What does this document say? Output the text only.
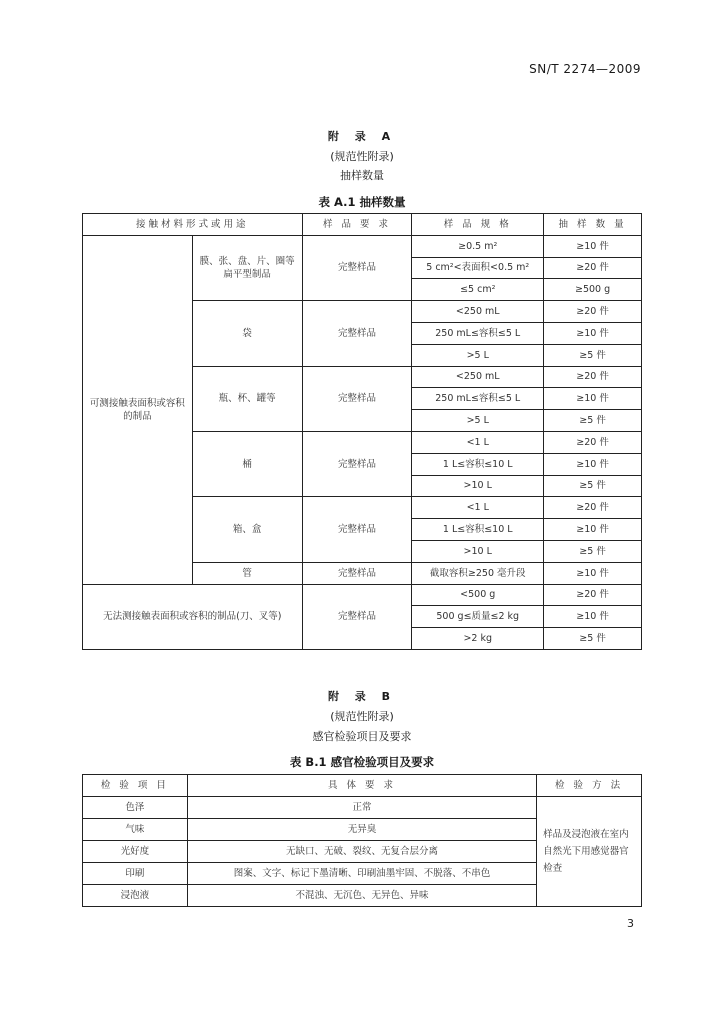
SN/T 2274—2009
附 录 A
(规范性附录)
抽样数量
表 A.1 抽样数量
接触材料形式或用途		样 品 要 求	样 品 规 格	抽 样 数 量
可测接触表面积或容积的制品	膜、张、盘、片、圈等扁平型制品	完整样品	≥0.5 m²	≥10 件
			5 cm²<表面积<0.5 m²	≥20 件
			≤5 cm²	≥500 g
	袋	完整样品	<250 mL	≥20 件
			250 mL≤容积≤5 L	≥10 件
			>5 L	≥5 件
	瓶、杯、罐等	完整样品	<250 mL	≥20 件
			250 mL≤容积≤5 L	≥10 件
			>5 L	≥5 件
	桶	完整样品	<1 L	≥20 件
			1 L≤容积≤10 L	≥10 件
			>10 L	≥5 件
	箱、盒	完整样品	<1 L	≥20 件
			1 L≤容积≤10 L	≥10 件
			>10 L	≥5 件
	管	完整样品	截取容积≥250 毫升段	≥10 件
无法测接触表面积或容积的制品(刀、叉等)		完整样品	<500 g	≥20 件
			500 g≤质量≤2 kg	≥10 件
			>2 kg	≥5 件
附 录 B
(规范性附录)
感官检验项目及要求
表 B.1 感官检验项目及要求
检 验 项 目	具 体 要 求	检 验 方 法
色泽	正常	样品及浸泡液在室内自然光下用感觉器官检查
气味	无异臭	
光好度	无缺口、无破、裂纹、无复合层分离	
印刷	图案、文字、标记下墨清晰、印刷油墨牢固、不脱落、不串色	
浸泡液	不混浊、无沉色、无异色、异味	
3
